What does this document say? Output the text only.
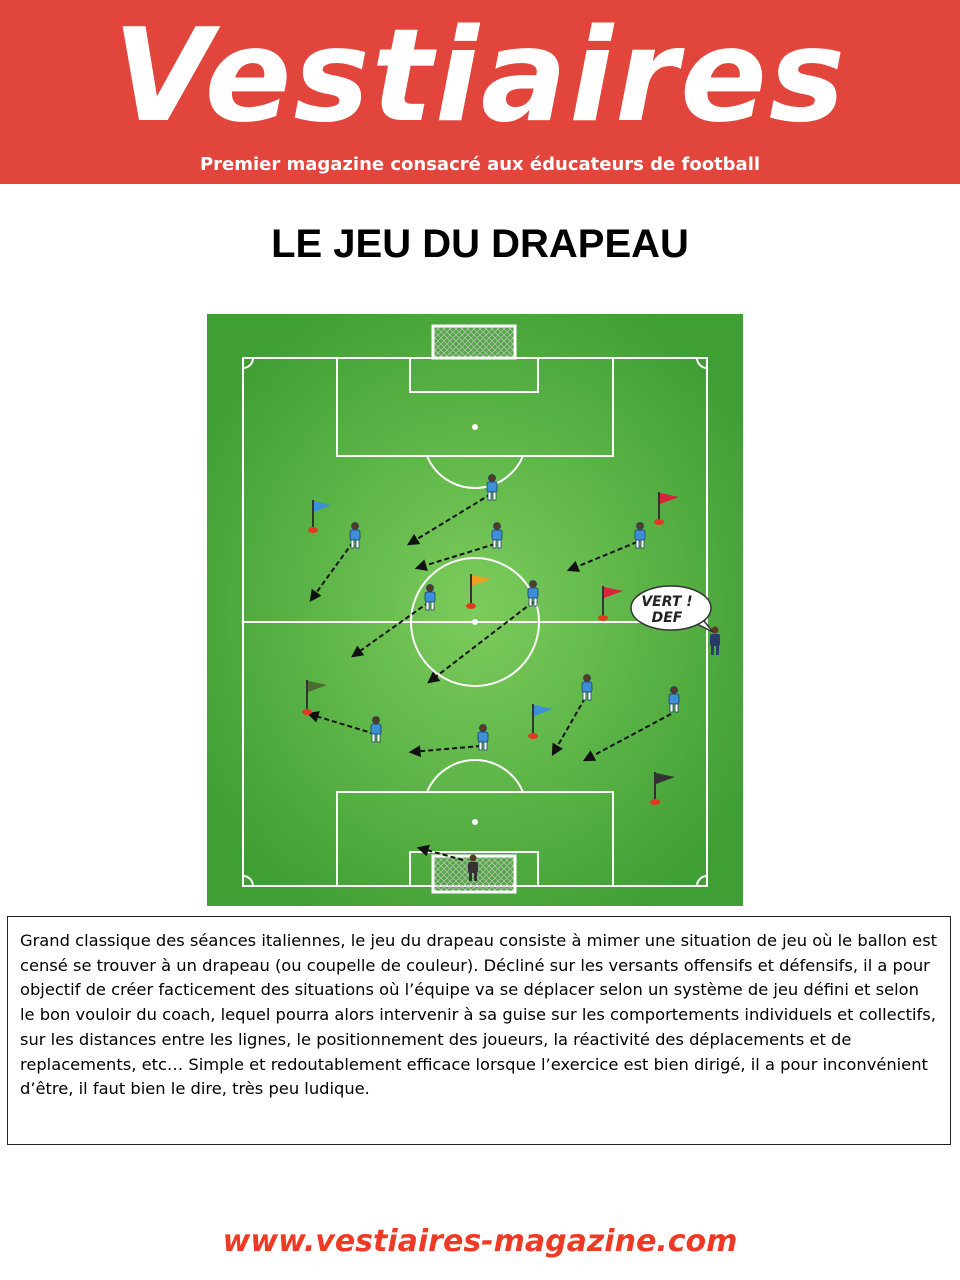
Vestiaires
Premier magazine consacré aux éducateurs de football
LE JEU DU DRAPEAU
VERT !
DEF
Grand classique des séances italiennes, le jeu du drapeau consiste à mimer une situation de jeu où le ballon est censé se trouver à un drapeau (ou coupelle de couleur). Décliné sur les versants offensifs et défensifs, il a pour objectif de créer facticement des situations où l’équipe va se déplacer selon un système de jeu défini et selon le bon vouloir du coach, lequel pourra alors intervenir à sa guise sur les comportements individuels et collectifs, sur les distances entre les lignes, le positionnement des joueurs, la réactivité des déplacements et de replacements, etc… Simple et redoutablement efficace lorsque l’exercice est bien dirigé, il a pour inconvénient d’être, il faut bien le dire, très peu ludique.
www.vestiaires-magazine.com
